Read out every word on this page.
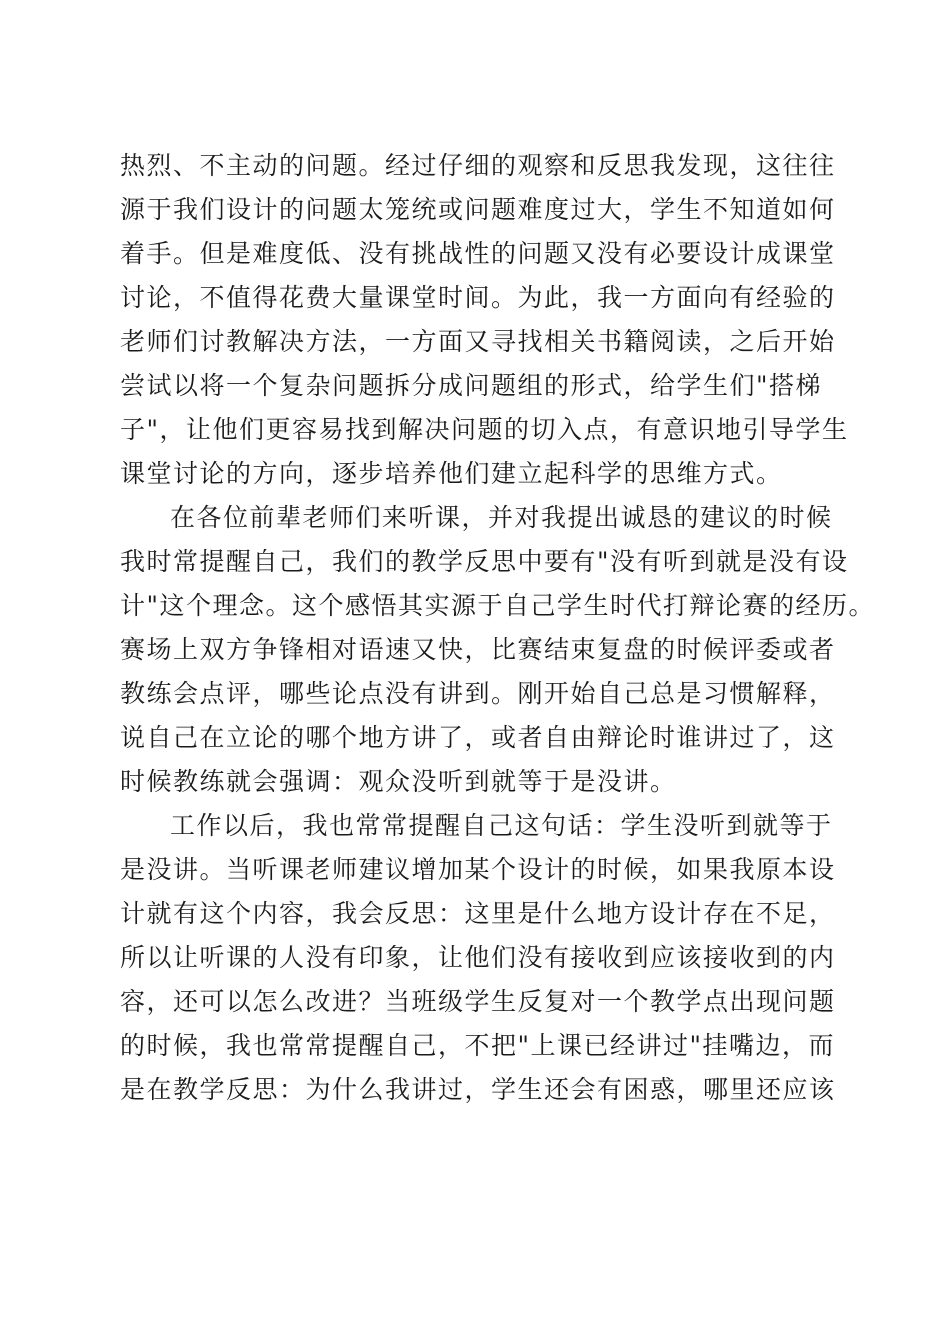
热烈、不主动的问题。经过仔细的观察和反思我发现，这往往
源于我们设计的问题太笼统或问题难度过大，学生不知道如何
着手。但是难度低、没有挑战性的问题又没有必要设计成课堂
讨论，不值得花费大量课堂时间。为此，我一方面向有经验的
老师们讨教解决方法，一方面又寻找相关书籍阅读，之后开始
尝试以将一个复杂问题拆分成问题组的形式，给学生们"搭梯
子"，让他们更容易找到解决问题的切入点，有意识地引导学生
课堂讨论的方向，逐步培养他们建立起科学的思维方式。
在各位前辈老师们来听课，并对我提出诚恳的建议的时候
我时常提醒自己，我们的教学反思中要有"没有听到就是没有设
计"这个理念。这个感悟其实源于自己学生时代打辩论赛的经历。
赛场上双方争锋相对语速又快，比赛结束复盘的时候评委或者
教练会点评，哪些论点没有讲到。刚开始自己总是习惯解释，
说自己在立论的哪个地方讲了，或者自由辩论时谁讲过了，这
时候教练就会强调：观众没听到就等于是没讲。
工作以后，我也常常提醒自己这句话：学生没听到就等于
是没讲。当听课老师建议增加某个设计的时候，如果我原本设
计就有这个内容，我会反思：这里是什么地方设计存在不足，
所以让听课的人没有印象，让他们没有接收到应该接收到的内
容，还可以怎么改进？当班级学生反复对一个教学点出现问题
的时候，我也常常提醒自己，不把"上课已经讲过"挂嘴边，而
是在教学反思：为什么我讲过，学生还会有困惑，哪里还应该
